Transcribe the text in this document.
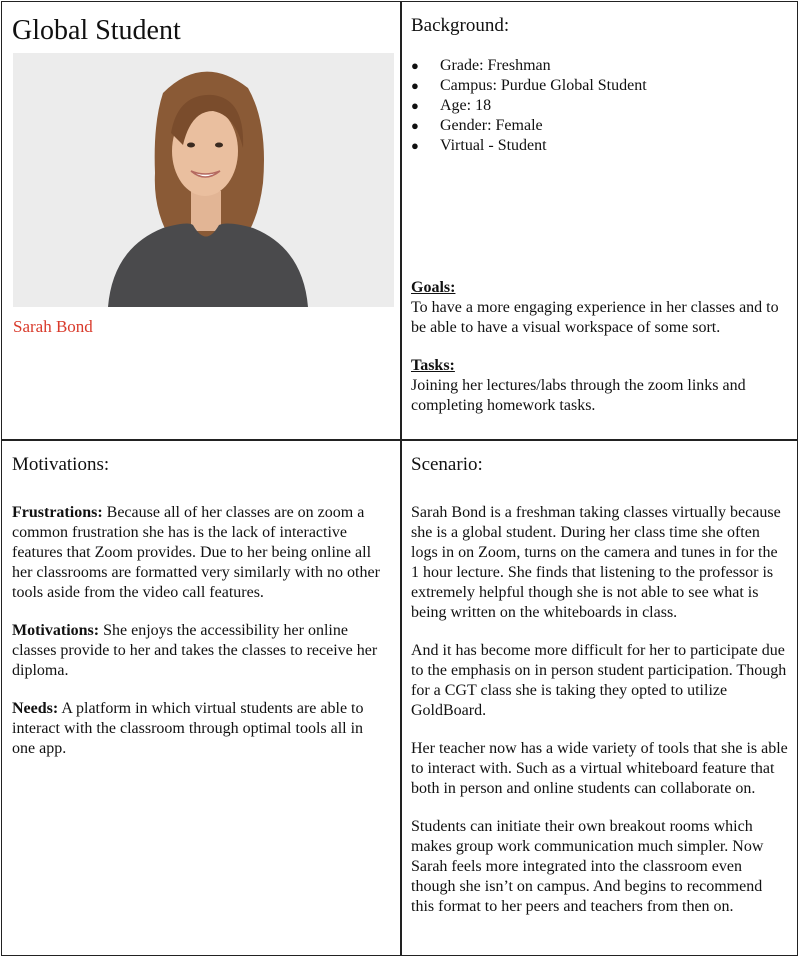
Global Student
Sarah Bond
Background:
● Grade: Freshman
● Campus: Purdue Global Student
● Age: 18
● Gender: Female
● Virtual - Student

Goals:

To have a more engaging experience in her classes and to be able to have a visual workspace of some sort.

Tasks:

Joining her lectures/labs through the zoom links and completing homework tasks.

Motivations:

Frustrations: Because all of her classes are on zoom a common frustration she has is the lack of interactive features that Zoom provides. Due to her being online all her classrooms are formatted very similarly with no other tools aside from the video call features.

Motivations: She enjoys the accessibility her online classes provide to her and takes the classes to receive her diploma.

Needs: A platform in which virtual students are able to interact with the classroom through optimal tools all in one app.

Scenario:

Sarah Bond is a freshman taking classes virtually because she is a global student. During her class time she often logs in on Zoom, turns on the camera and tunes in for the 1 hour lecture. She finds that listening to the professor is extremely helpful though she is not able to see what is being written on the whiteboards in class.

And it has become more difficult for her to participate due to the emphasis on in person student participation. Though for a CGT class she is taking they opted to utilize GoldBoard.

Her teacher now has a wide variety of tools that she is able to interact with. Such as a virtual whiteboard feature that both in person and online students can collaborate on.

Students can initiate their own breakout rooms which makes group work communication much simpler. Now Sarah feels more integrated into the classroom even though she isn’t on campus. And begins to recommend this format to her peers and teachers from then on.
